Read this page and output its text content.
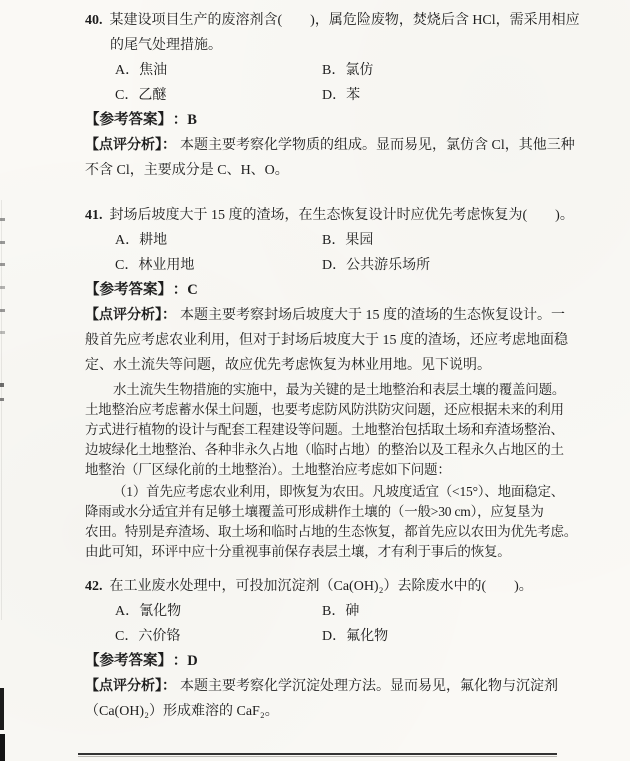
40. 某建设项目生产的废溶剂含(　　)，属危险废物，焚烧后含 HCl，需采用相应
的尾气处理措施。
A．焦油	B．氯仿
C．乙醚	D．苯
【参考答案】 ：B
【点评分析】： 本题主要考察化学物质的组成。显而易见，氯仿含 Cl，其他三种
不含 Cl，主要成分是 C、H、O。
41. 封场后坡度大于 15 度的渣场，在生态恢复设计时应优先考虑恢复为(　　)。
A．耕地	B．果园
C．林业用地	D．公共游乐场所
【参考答案】 ：C
【点评分析】： 本题主要考察封场后坡度大于 15 度的渣场的生态恢复设计。一
般首先应考虑农业利用，但对于封场后坡度大于 15 度的渣场，还应考虑地面稳
定、水土流失等问题，故应优先考虑恢复为林业用地。见下说明。
水土流失生物措施的实施中，最为关键的是土地整治和表层土壤的覆盖问题。
土地整治应考虑蓄水保土问题，也要考虑防风防洪防灾问题，还应根据未来的利用
方式进行植物的设计与配套工程建设等问题。土地整治包括取土场和弃渣场整治、
边坡绿化土地整治、各种非永久占地（临时占地）的整治以及工程永久占地区的土
地整治（厂区绿化前的土地整治）。土地整治应考虑如下问题：
（1）首先应考虑农业利用，即恢复为农田。凡坡度适宜（<15°）、地面稳定、
降雨或水分适宜并有足够土壤覆盖可形成耕作土壤的（一般>30 cm），应复垦为
农田。特别是弃渣场、取土场和临时占地的生态恢复，都首先应以农田为优先考虑。
由此可知，环评中应十分重视事前保存表层土壤，才有利于事后的恢复。
42. 在工业废水处理中，可投加沉淀剂（Ca(OH)₂）去除废水中的(　　)。
A．氰化物	B．砷
C．六价铬	D．氟化物
【参考答案】 ：D
【点评分析】： 本题主要考察化学沉淀处理方法。显而易见，氟化物与沉淀剂
（Ca(OH)₂）形成难溶的 CaF₂。
